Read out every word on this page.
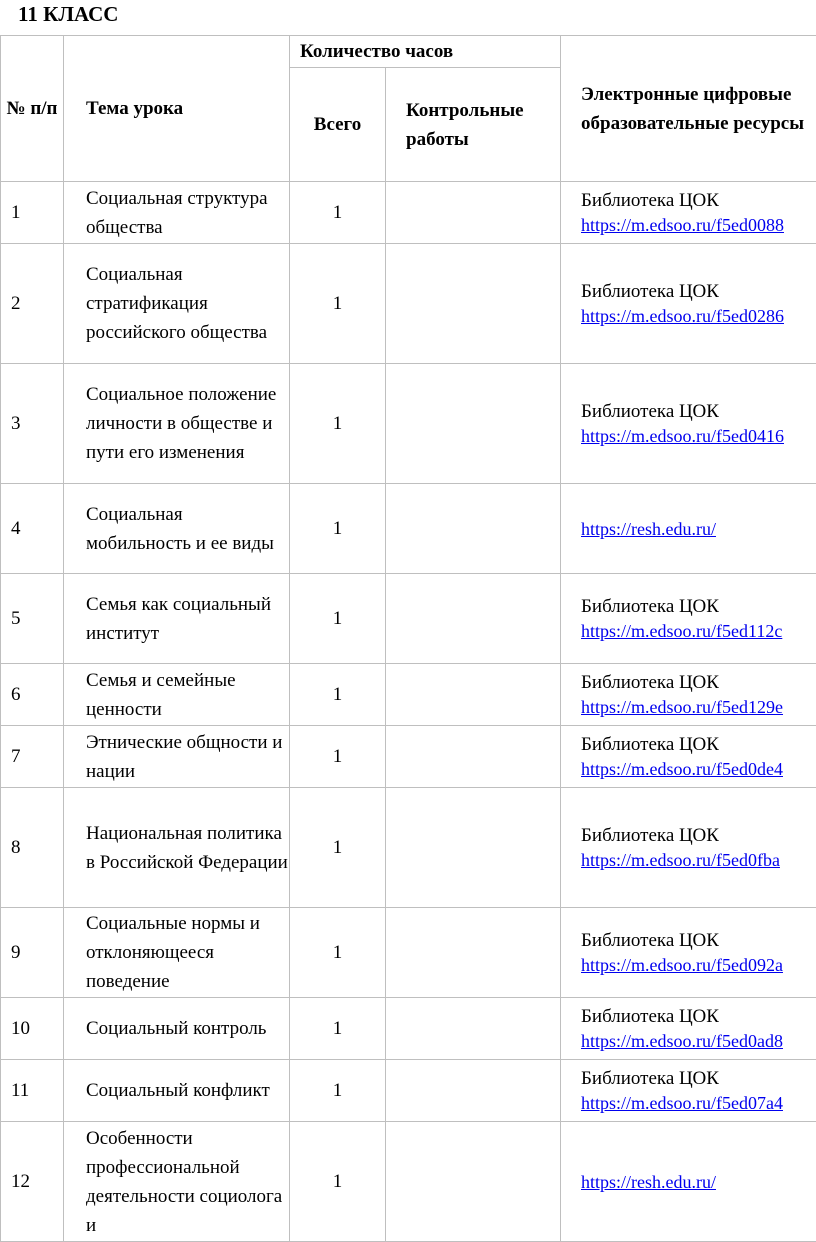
11 КЛАСС
№ п/п	Тема урока	Количество часов		Электронные цифровые образовательные ресурсы
		Всего	Контрольные работы	
1	Социальная структура общества	1		Библиотека ЦОК
https://m.edsoo.ru/f5ed0088

2	Социальная стратификация российского общества	1		Библиотека ЦОК
https://m.edsoo.ru/f5ed0286

3	Социальное положение личности в обществе и пути его изменения	1		Библиотека ЦОК
https://m.edsoo.ru/f5ed0416

4	Социальная мобильность и ее виды	1		https://resh.edu.ru/

5	Семья как социальный институт	1		Библиотека ЦОК
https://m.edsoo.ru/f5ed112c

6	Семья и семейные ценности	1		Библиотека ЦОК
https://m.edsoo.ru/f5ed129e

7	Этнические общности и нации	1		Библиотека ЦОК
https://m.edsoo.ru/f5ed0de4

8	Национальная политика в Российской Федерации	1		Библиотека ЦОК
https://m.edsoo.ru/f5ed0fba

9	Социальные нормы и отклоняющееся поведение	1		Библиотека ЦОК
https://m.edsoo.ru/f5ed092a

10	Социальный контроль	1		Библиотека ЦОК
https://m.edsoo.ru/f5ed0ad8

11	Социальный конфликт	1		Библиотека ЦОК
https://m.edsoo.ru/f5ed07a4

12	Особенности профессиональной деятельности социолога и	1		https://resh.edu.ru/
